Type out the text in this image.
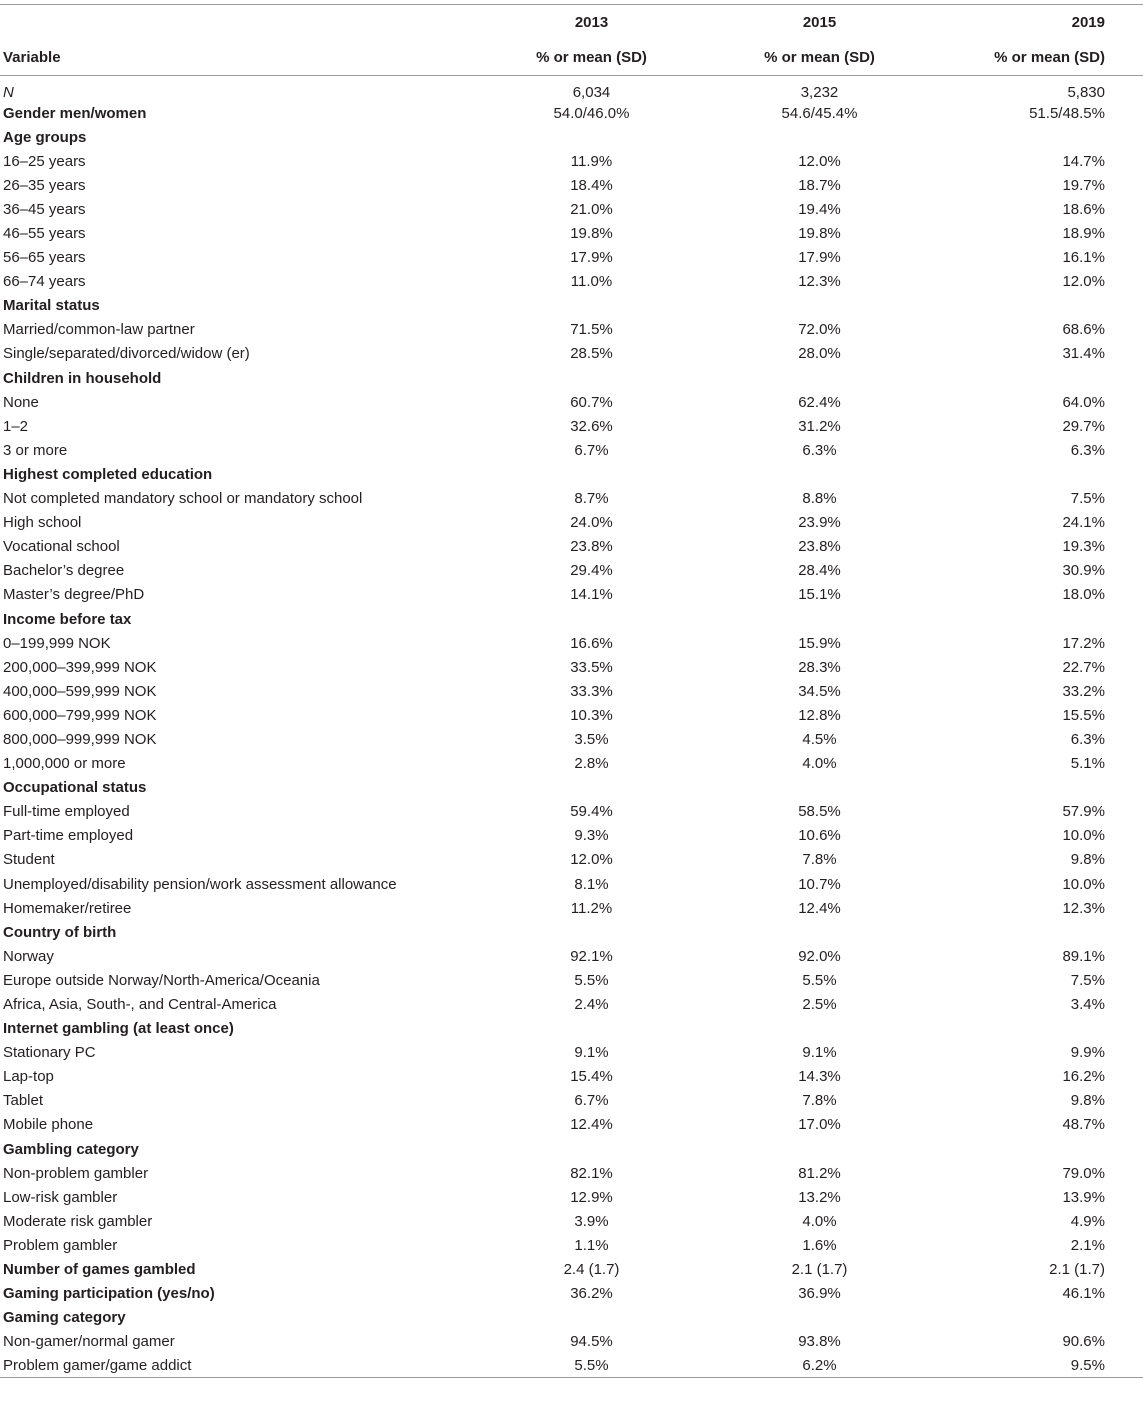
	2013	2015	2019
Variable	% or mean (SD)	% or mean (SD)	% or mean (SD)
N	6,034	3,232	5,830
Gender men/women	54.0/46.0%	54.6/45.4%	51.5/48.5%
Age groups			
16–25 years	11.9%	12.0%	14.7%
26–35 years	18.4%	18.7%	19.7%
36–45 years	21.0%	19.4%	18.6%
46–55 years	19.8%	19.8%	18.9%
56–65 years	17.9%	17.9%	16.1%
66–74 years	11.0%	12.3%	12.0%
Marital status			
Married/common-law partner	71.5%	72.0%	68.6%
Single/separated/divorced/widow (er)	28.5%	28.0%	31.4%
Children in household			
None	60.7%	62.4%	64.0%
1–2	32.6%	31.2%	29.7%
3 or more	6.7%	6.3%	6.3%
Highest completed education			
Not completed mandatory school or mandatory school	8.7%	8.8%	7.5%
High school	24.0%	23.9%	24.1%
Vocational school	23.8%	23.8%	19.3%
Bachelor’s degree	29.4%	28.4%	30.9%
Master’s degree/PhD	14.1%	15.1%	18.0%
Income before tax			
0–199,999 NOK	16.6%	15.9%	17.2%
200,000–399,999 NOK	33.5%	28.3%	22.7%
400,000–599,999 NOK	33.3%	34.5%	33.2%
600,000–799,999 NOK	10.3%	12.8%	15.5%
800,000–999,999 NOK	3.5%	4.5%	6.3%
1,000,000 or more	2.8%	4.0%	5.1%
Occupational status			
Full-time employed	59.4%	58.5%	57.9%
Part-time employed	9.3%	10.6%	10.0%
Student	12.0%	7.8%	9.8%
Unemployed/disability pension/work assessment allowance	8.1%	10.7%	10.0%
Homemaker/retiree	11.2%	12.4%	12.3%
Country of birth			
Norway	92.1%	92.0%	89.1%
Europe outside Norway/North-America/Oceania	5.5%	5.5%	7.5%
Africa, Asia, South-, and Central-America	2.4%	2.5%	3.4%
Internet gambling (at least once)			
Stationary PC	9.1%	9.1%	9.9%
Lap-top	15.4%	14.3%	16.2%
Tablet	6.7%	7.8%	9.8%
Mobile phone	12.4%	17.0%	48.7%
Gambling category			
Non-problem gambler	82.1%	81.2%	79.0%
Low-risk gambler	12.9%	13.2%	13.9%
Moderate risk gambler	3.9%	4.0%	4.9%
Problem gambler	1.1%	1.6%	2.1%
Number of games gambled	2.4 (1.7)	2.1 (1.7)	2.1 (1.7)
Gaming participation (yes/no)	36.2%	36.9%	46.1%
Gaming category			
Non-gamer/normal gamer	94.5%	93.8%	90.6%
Problem gamer/game addict	5.5%	6.2%	9.5%
